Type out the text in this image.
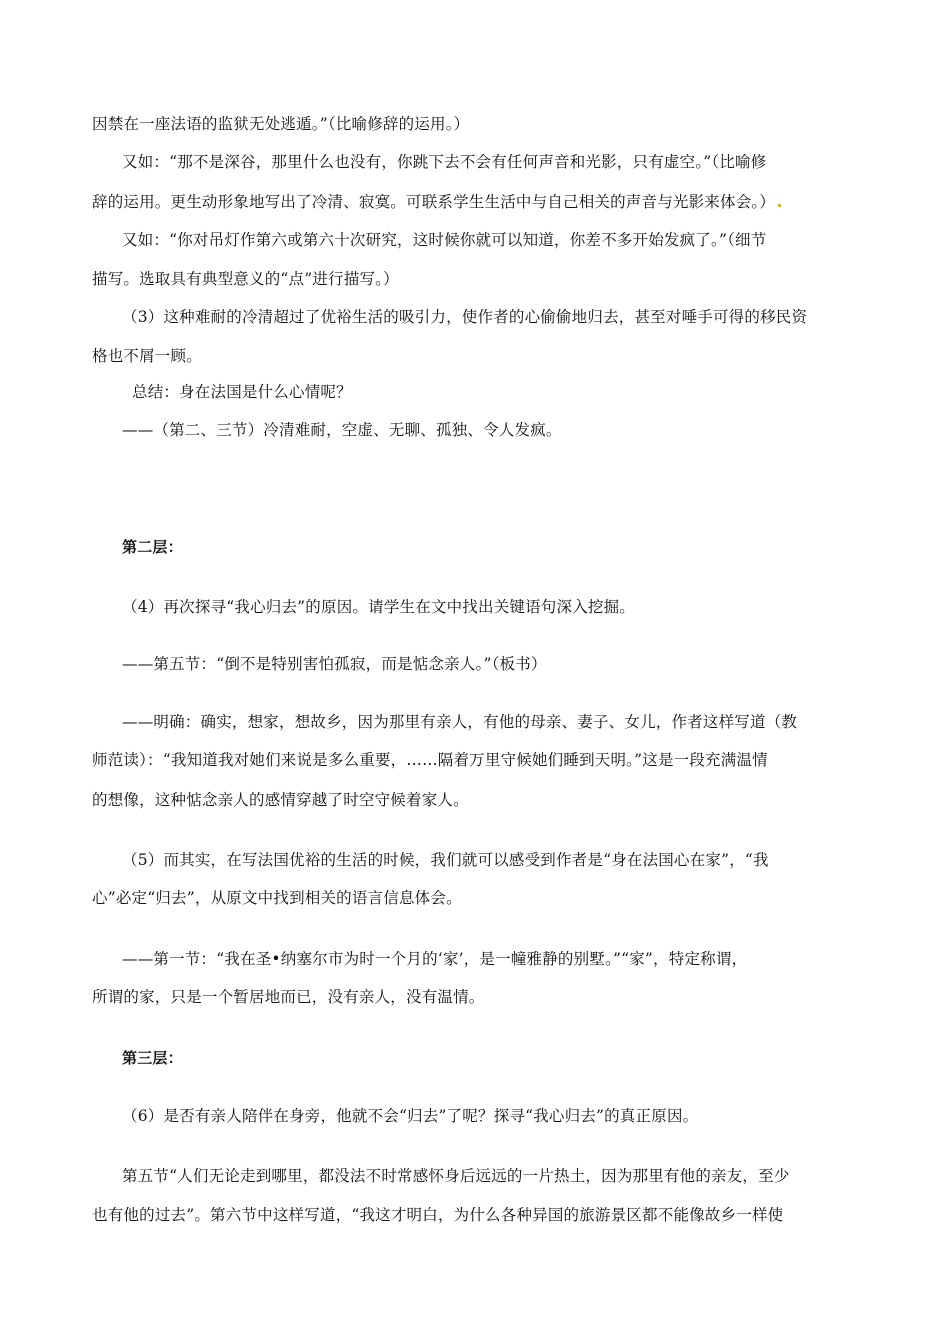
因禁在一座法语的监狱无处逃遁。”（比喻修辞的运用。）
又如：“那不是深谷，那里什么也没有，你跳下去不会有任何声音和光影，只有虚空。”（比喻修
辞的运用。更生动形象地写出了冷清、寂寞。可联系学生生活中与自己相关的声音与光影来体会。）
又如：“你对吊灯作第六或第六十次研究，这时候你就可以知道，你差不多开始发疯了。”（细节
描写。选取具有典型意义的“点”进行描写。）
（3）这种难耐的冷清超过了优裕生活的吸引力，使作者的心偷偷地归去，甚至对唾手可得的移民资
格也不屑一顾。
总结：身在法国是什么心情呢？
——（第二、三节）冷清难耐，空虚、无聊、孤独、令人发疯。
第二层：
（4）再次探寻“我心归去”的原因。请学生在文中找出关键语句深入挖掘。
——第五节：“倒不是特别害怕孤寂，而是惦念亲人。”（板书）
——明确：确实，想家，想故乡，因为那里有亲人，有他的母亲、妻子、女儿，作者这样写道（教
师范读）：“我知道我对她们来说是多么重要，……隔着万里守候她们睡到天明。”这是一段充满温情
的想像，这种惦念亲人的感情穿越了时空守候着家人。
（5）而其实，在写法国优裕的生活的时候，我们就可以感受到作者是“身在法国心在家”，“我
心”必定“归去”，从原文中找到相关的语言信息体会。
——第一节：“我在圣•纳塞尔市为时一个月的‘家’，是一幢雅静的别墅。”“家”，特定称谓，
所谓的家，只是一个暂居地而已，没有亲人，没有温情。
第三层：
（6）是否有亲人陪伴在身旁，他就不会“归去”了呢？探寻“我心归去”的真正原因。
第五节“人们无论走到哪里，都没法不时常感怀身后远远的一片热土，因为那里有他的亲友，至少
也有他的过去”。第六节中这样写道，“我这才明白，为什么各种异国的旅游景区都不能像故乡一样使
